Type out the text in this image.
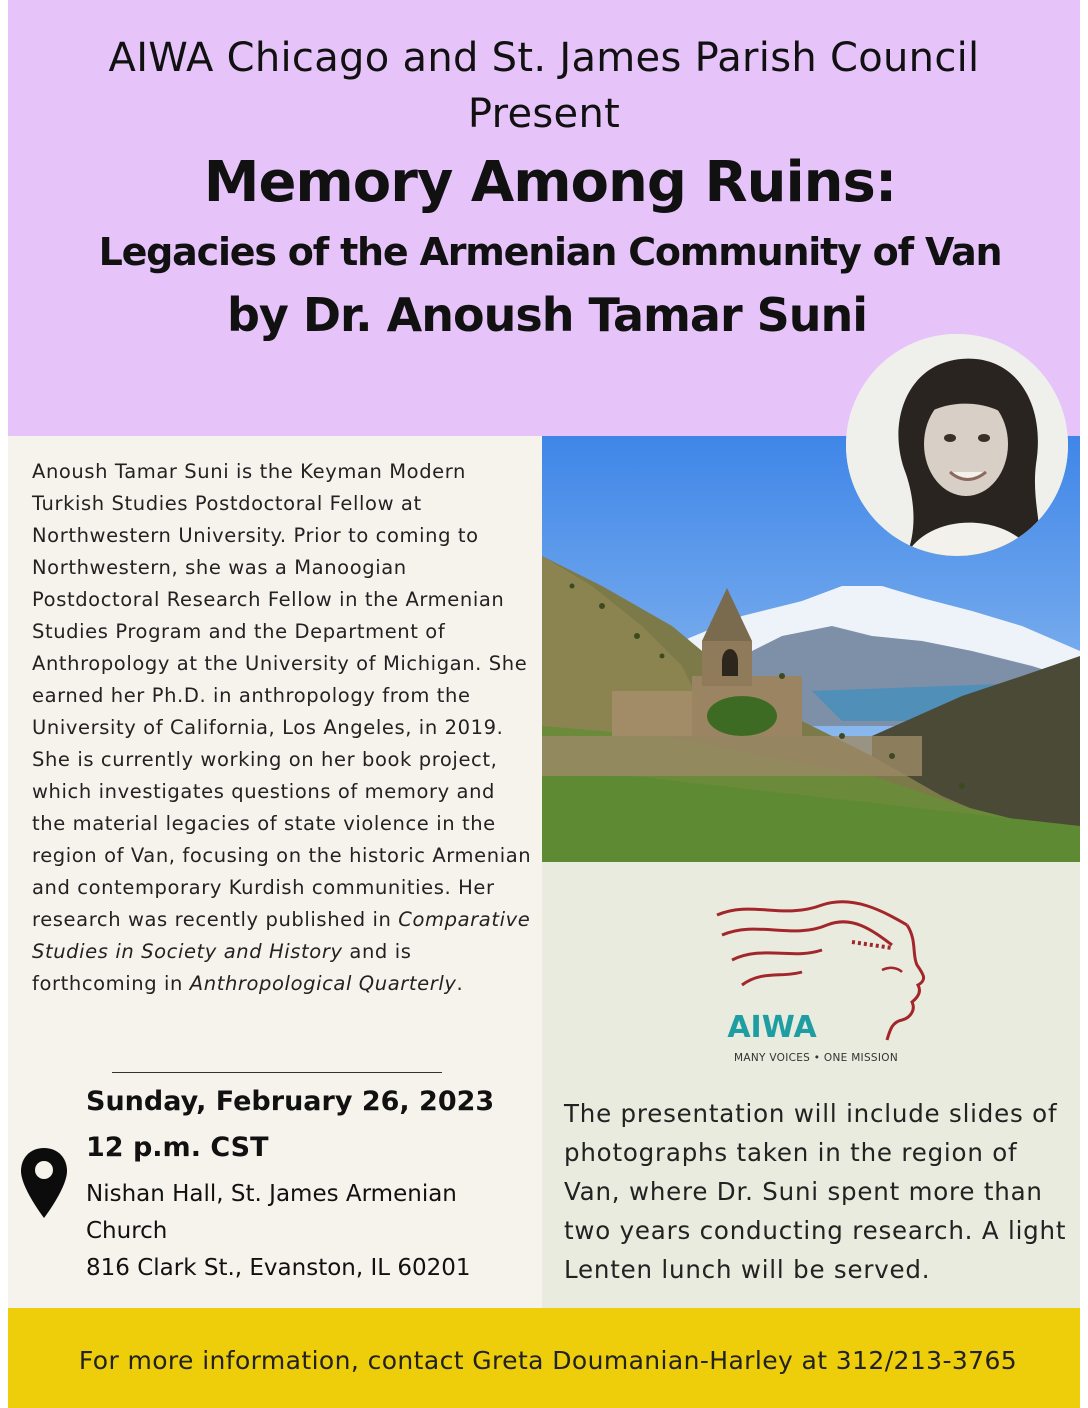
AIWA Chicago and St. James Parish Council
Present
Memory Among Ruins:
Legacies of the Armenian Community of Van
by Dr. Anoush Tamar Suni
Anoush Tamar Suni is the Keyman Modern Turkish Studies Postdoctoral Fellow at Northwestern University. Prior to coming to Northwestern, she was a Manoogian Postdoctoral Research Fellow in the Armenian Studies Program and the Department of Anthropology at the University of Michigan. She earned her Ph.D. in anthropology from the University of California, Los Angeles, in 2019. She is currently working on her book project, which investigates questions of memory and the material legacies of state violence in the region of Van, focusing on the historic Armenian and contemporary Kurdish communities. Her research was recently published in Comparative Studies in Society and History and is forthcoming in Anthropological Quarterly.
Sunday, February 26, 2023
12 p.m. CST
Nishan Hall, St. James Armenian Church
816 Clark St., Evanston, IL 60201
AIWA
MANY VOICES • ONE MISSION
The presentation will include slides of photographs taken in the region of Van, where Dr. Suni spent more than two years conducting research. A light Lenten lunch will be served.
For more information, contact Greta Doumanian-Harley at 312/213-3765
